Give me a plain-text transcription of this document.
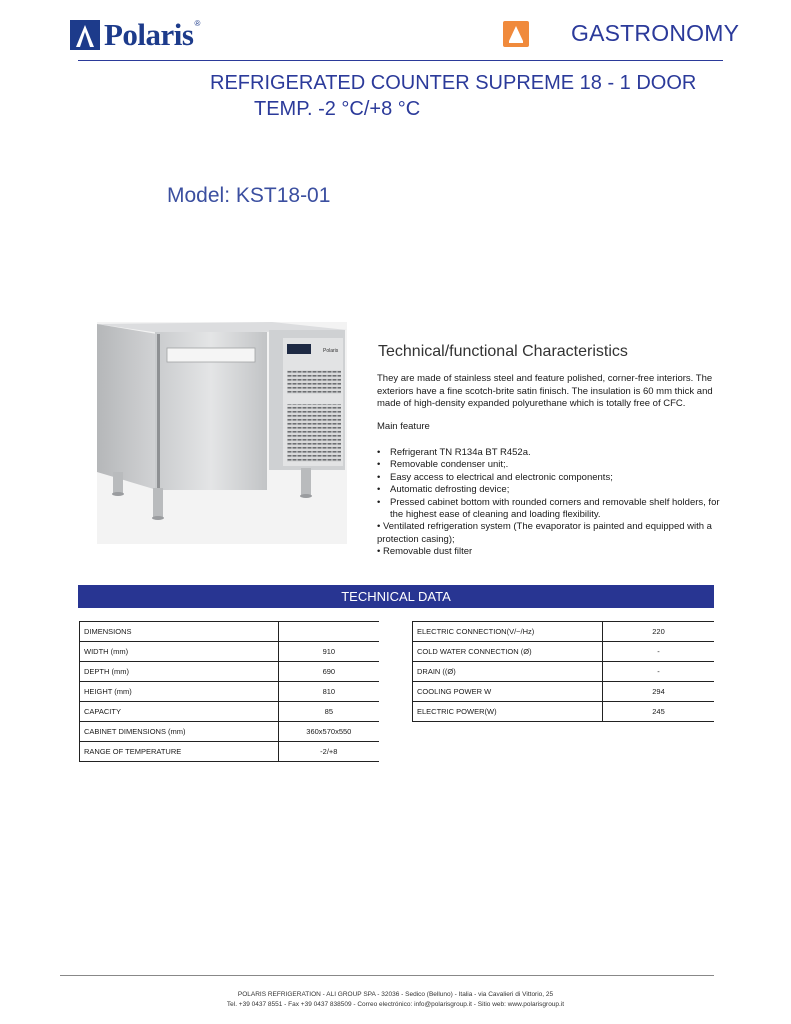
Polaris ®	GASTRONOMY
REFRIGERATED COUNTER SUPREME 18 - 1 DOOR
TEMP. -2 °C/+8 °C
Model: KST18-01
Polaris Technical/functional Characteristics
They are made of stainless steel and feature polished, corner-free interiors. The exteriors have a fine scotch-brite satin finisch. The insulation is 60 mm thick and made of high-density expanded polyurethane which is totally free of CFC.
Main feature
• Refrigerant TN R134a BT R452a.
• Removable condenser unit;.
• Easy access to electrical and electronic components;
• Automatic defrosting device;
• Pressed cabinet bottom with rounded corners and removable shelf holders, for the highest ease of cleaning and loading flexibility.
• Ventilated refrigeration system (The evaporator is painted and equipped with a protection casing);
• Removable dust filter
TECHNICAL DATA
DIMENSIONS	
WIDTH (mm)	910
DEPTH (mm)	690
HEIGHT (mm)	810
CAPACITY	85
CABINET DIMENSIONS (mm)	360x570x550
RANGE OF TEMPERATURE	-2/+8
ELECTRIC CONNECTION(V/~/Hz)	220
COLD WATER CONNECTION (Ø)	-
DRAIN ((Ø)	-
COOLING POWER W	294
ELECTRIC POWER(W)	245
POLARIS REFRIGERATION - ALI GROUP SPA - 32036 - Sedico (Belluno) - Italia - via Cavalieri di Vittorio, 25
Tel. +39 0437 8551 - Fax +39 0437 838509 - Correo electrónico: info@polarisgroup.it - Sitio web: www.polarisgroup.it
